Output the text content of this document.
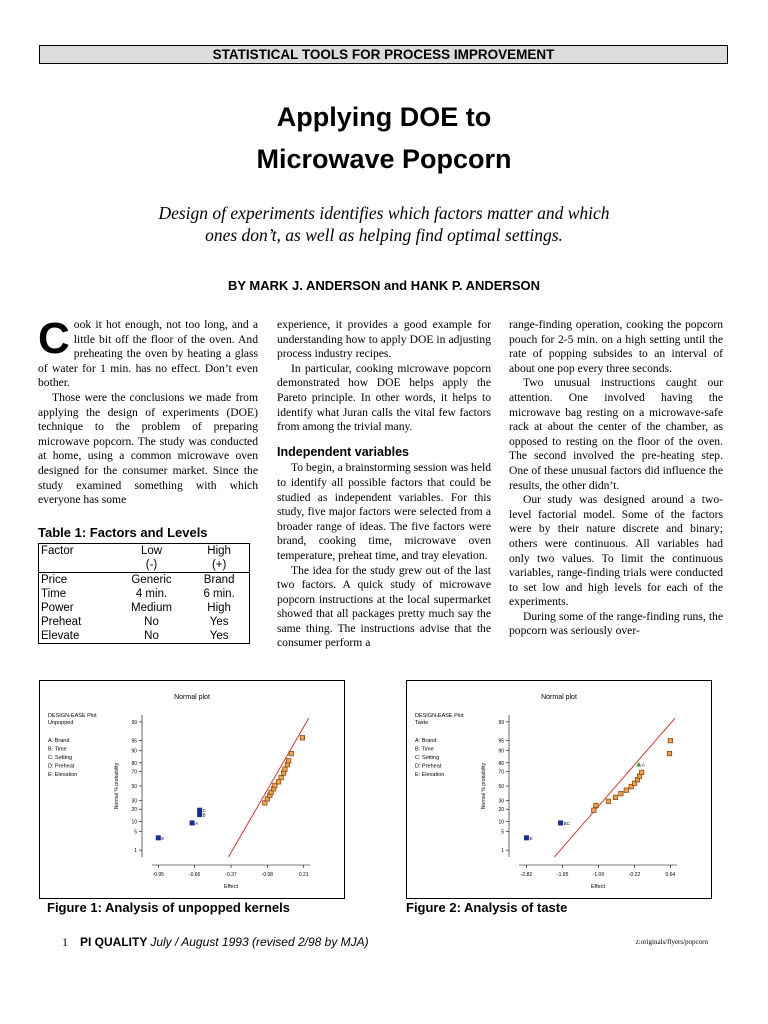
STATISTICAL TOOLS FOR PROCESS IMPROVEMENT
Applying DOE to
Microwave Popcorn
Design of experiments identifies which factors matter and which ones don’t, as well as helping find optimal settings.
BY MARK J. ANDERSON and HANK P. ANDERSON

Cook it hot enough, not too long, and a little bit off the floor of the oven. And preheating the oven by heating a glass of water for 1 min. has no effect. Don’t even bother.

Those were the conclusions we made from applying the design of experiments (DOE) technique to the problem of preparing microwave popcorn. The study was conducted at home, using a common microwave oven designed for the consumer market. Since the study examined something with which everyone has some

Table 1: Factors and Levels
Factor	Low	High
	(-)	(+)
Price	Generic	Brand
Time	4 min.	6 min.
Power	Medium	High
Preheat	No	Yes
Elevate	No	Yes

experience, it provides a good example for understanding how to apply DOE in adjusting process industry recipes.

In particular, cooking microwave popcorn demonstrated how DOE helps apply the Pareto principle. In other words, it helps to identify what Juran calls the vital few factors from among the trivial many.

Independent variables

To begin, a brainstorming session was held to identify all possible factors that could be studied as independent variables. For this study, five major factors were selected from a broader range of ideas. The five factors were brand, cooking time, microwave oven temperature, preheat time, and tray elevation.

The idea for the study grew out of the last two factors. A quick study of microwave popcorn instructions at the local supermarket showed that all packages pretty much say the same thing. The instructions advise that the consumer perform a

range-finding operation, cooking the popcorn pouch for 2-5 min. on a high setting until the rate of popping subsides to an interval of about one pop every three seconds.

Two unusual instructions caught our attention. One involved having the microwave bag resting on a microwave-safe rack at about the center of the chamber, as opposed to resting on the floor of the oven. The second involved the pre-heating step. One of these unusual factors did influence the results, the other didn’t.

Our study was designed around a two-level factorial model. Some of the factors were by their nature discrete and binary; others were continuous. All variables had only two values. To limit the continuous variables, range-finding trials were conducted to set low and high levels for each of the experiments.

During some of the range-finding runs, the popcorn was seriously over-

Normal plot
DESIGN-EASE Plot
Unpopped
A: Brand
B: Time
C: Setting
D: Preheat
E: Elevation
99
95
90
80
70
50
30
20
10
5
1
Normal % probability
-0.95	-0.66	-0.37	-0.08	0.21
Effect
E
A
B
C
Normal plot
DESIGN-EASE Plot
Taste
A: Brand
B: Time
C: Setting
D: Preheat
E: Elevation
99
95
90
80
70
50
30
20
10
5
1
Normal % probability
-2.82	-1.95	-1.09	-0.22	0.64
Effect
E
BC
A
Figure 1: Analysis of unpopped kernels	Figure 2: Analysis of taste
1 PI QUALITY July / August 1993 (revised 2/98 by MJA)	z:originals/flyers/popcorn
